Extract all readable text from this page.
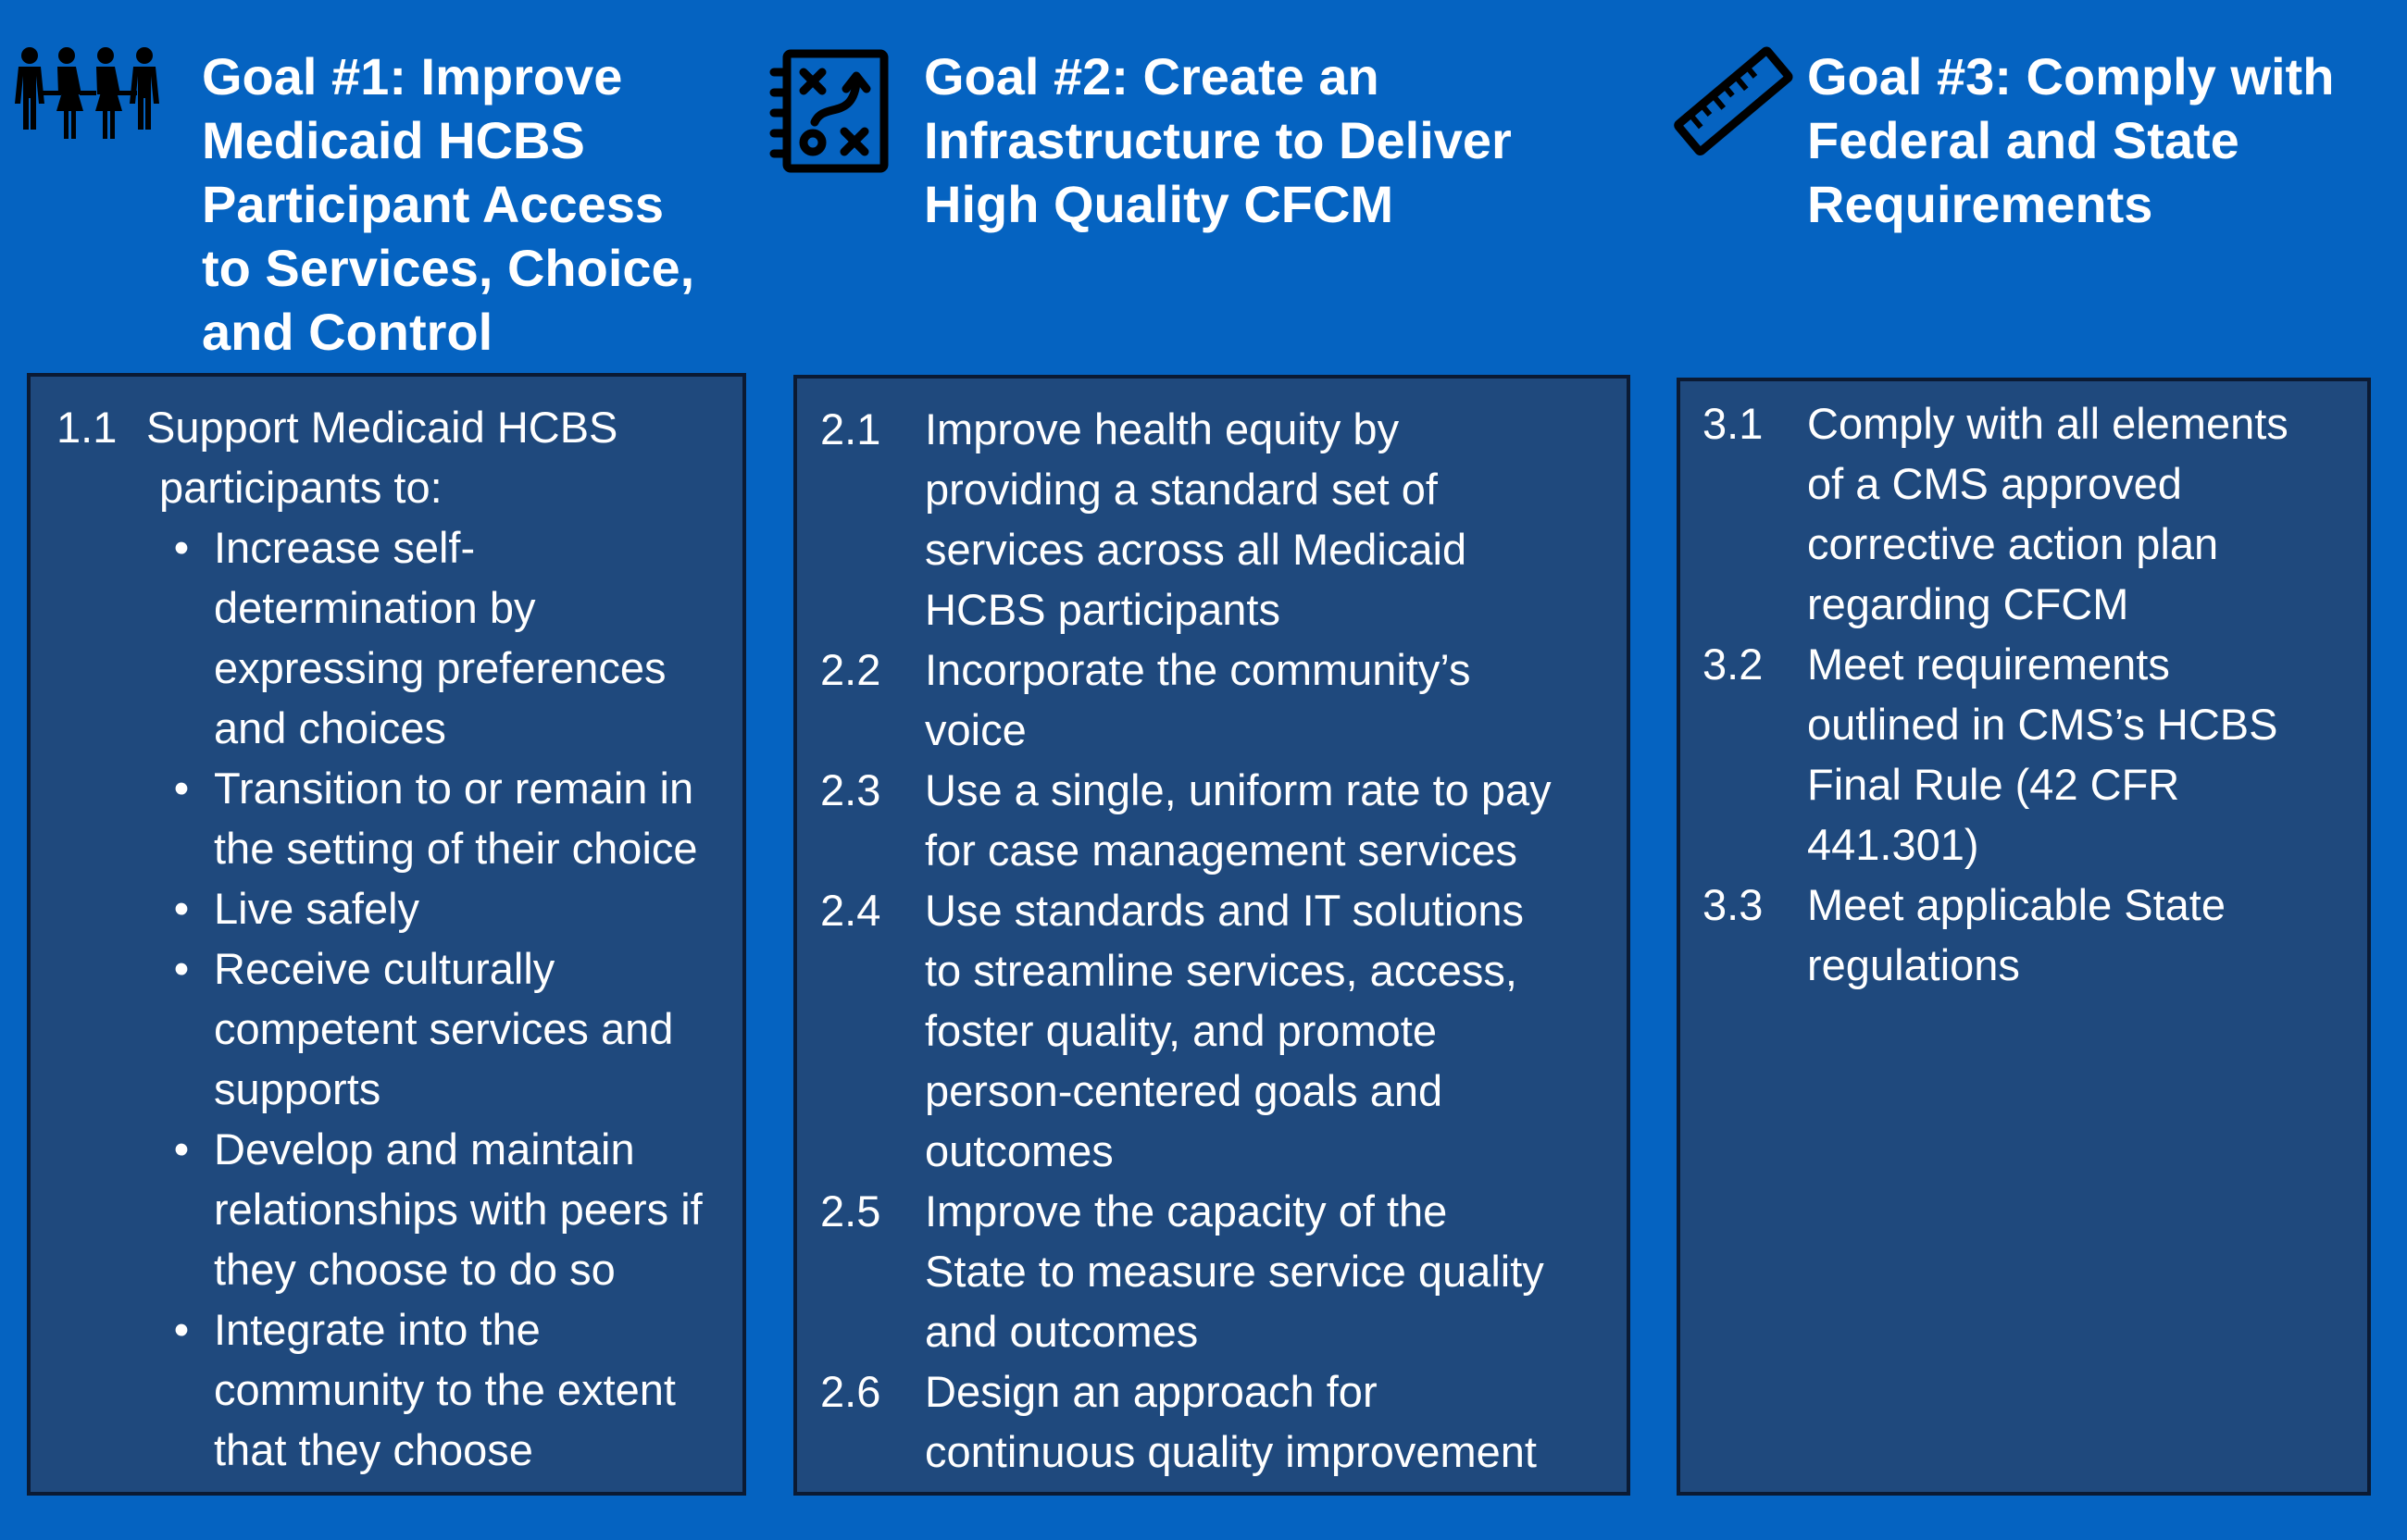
Goal #1: Improve
Medicaid HCBS
Participant Access
to Services, Choice,
and Control
1.1 Support Medicaid HCBS
participants to:
• Increase self-
determination by
expressing preferences
and choices
• Transition to or remain in
the setting of their choice
• Live safely
• Receive culturally
competent services and
supports
• Develop and maintain
relationships with peers if
they choose to do so
• Integrate into the
community to the extent
that they choose
Goal #2: Create an
Infrastructure to Deliver
High Quality CFCM
2.1 Improve health equity by
providing a standard set of
services across all Medicaid
HCBS participants
2.2 Incorporate the community’s
voice
2.3 Use a single, uniform rate to pay
for case management services
2.4 Use standards and IT solutions
to streamline services, access,
foster quality, and promote
person-centered goals and
outcomes
2.5 Improve the capacity of the
State to measure service quality
and outcomes
2.6 Design an approach for
continuous quality improvement
Goal #3: Comply with
Federal and State
Requirements
3.1 Comply with all elements
of a CMS approved
corrective action plan
regarding CFCM
3.2 Meet requirements
outlined in CMS’s HCBS
Final Rule (42 CFR
441.301)
3.3 Meet applicable State
regulations
